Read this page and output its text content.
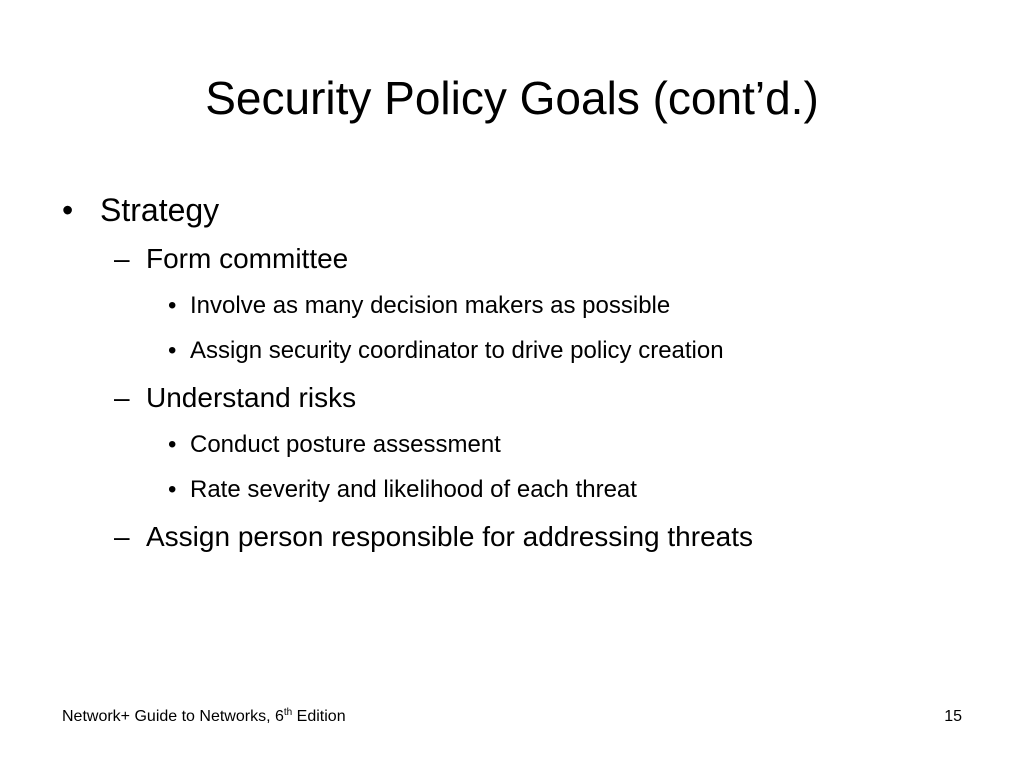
Security Policy Goals (cont’d.)
• Strategy
– Form committee
• Involve as many decision makers as possible
• Assign security coordinator to drive policy creation
– Understand risks
• Conduct posture assessment
• Rate severity and likelihood of each threat
– Assign person responsible for addressing threats
Network+ Guide to Networks, 6th Edition	15
